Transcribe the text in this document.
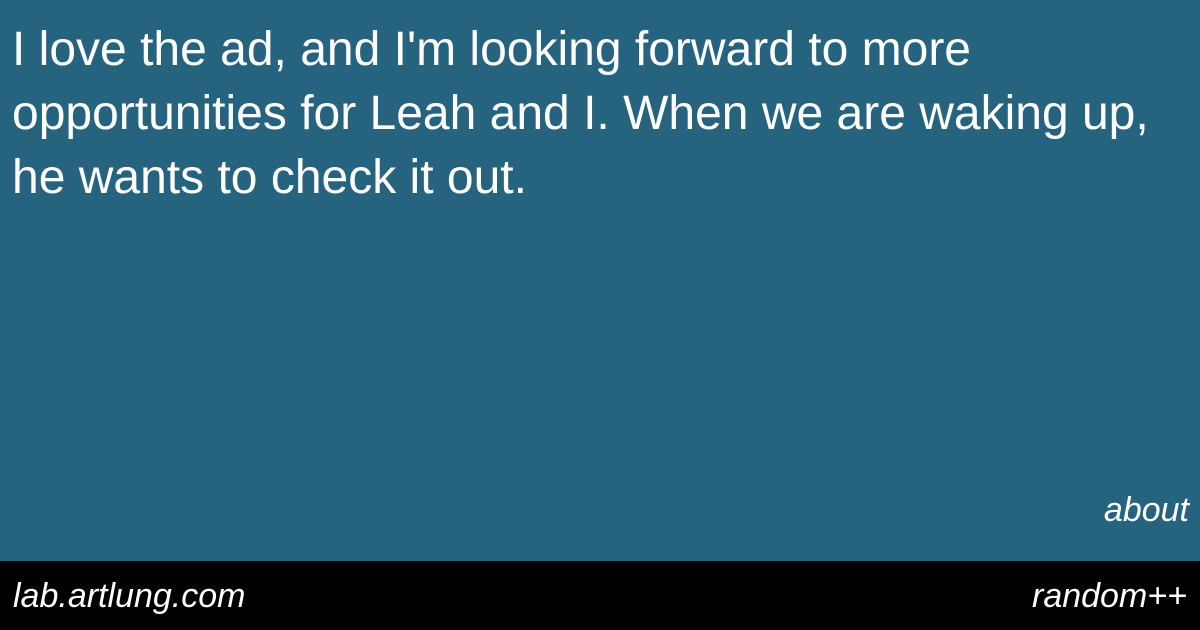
I love the ad, and I'm looking forward to more opportunities for Leah and I. When we are waking up, he wants to check it out.

about
lab.artlung.com	random++
